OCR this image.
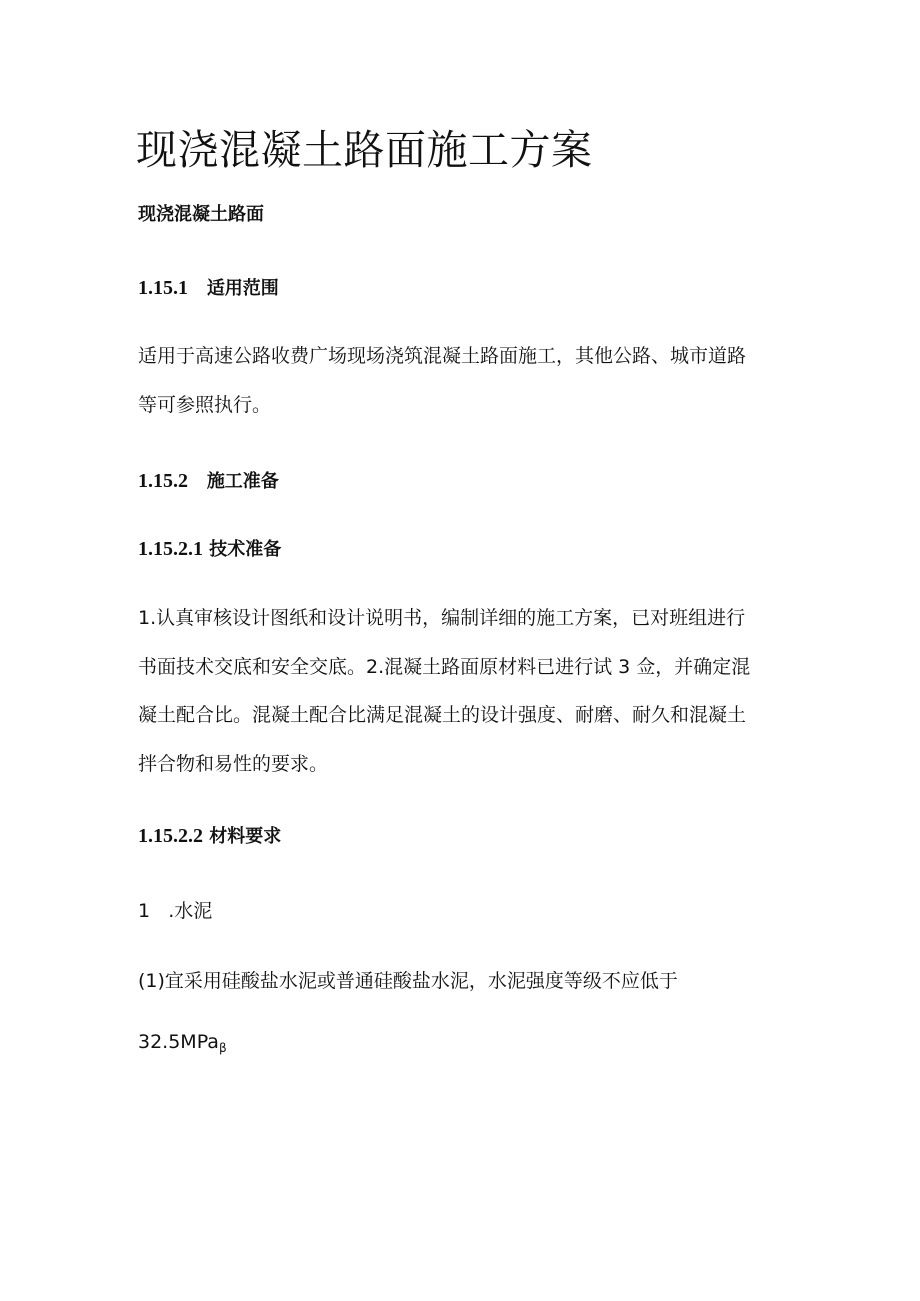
现浇混凝土路面施工方案
现浇混凝土路面
1.15.1 适用范围
适用于高速公路收费广场现场浇筑混凝土路面施工，其他公路、城市道路
等可参照执行。
1.15.2 施工准备
1.15.2.1 技术准备
1.认真审核设计图纸和设计说明书，编制详细的施工方案，已对班组进行
书面技术交底和安全交底。2.混凝土路面原材料已进行试 3 佥，并确定混
凝土配合比。混凝土配合比满足混凝土的设计强度、耐磨、耐久和混凝土
拌合物和易性的要求。
1.15.2.2 材料要求
1   .水泥
(1)宜采用硅酸盐水泥或普通硅酸盐水泥，水泥强度等级不应低于
32.5MPa$_\beta$
